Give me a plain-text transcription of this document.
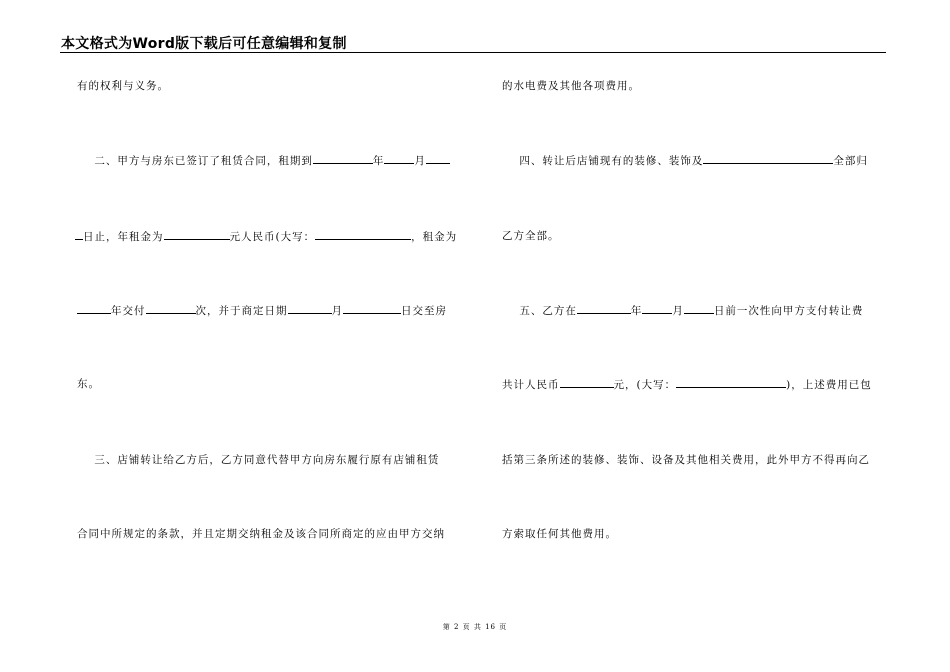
本文格式为Word版下载后可任意编辑和复制
有的权利与义务。
二、甲方与房东已签订了租赁合同，租期到	年	月
日止，年租金为	元人民币(大写：	，租金为
年交付	次，并于商定日期	月	日交至房
东。
三、店铺转让给乙方后，乙方同意代替甲方向房东履行原有店铺租赁
合同中所规定的条款，并且定期交纳租金及该合同所商定的应由甲方交纳
的水电费及其他各项费用。
四、转让后店铺现有的装修、装饰及	全部归
乙方全部。
五、乙方在	年	月	日前一次性向甲方支付转让费
共计人民币	元，(大写：	)，上述费用已包
括第三条所述的装修、装饰、设备及其他相关费用，此外甲方不得再向乙
方索取任何其他费用。
第 2 页 共 16 页
